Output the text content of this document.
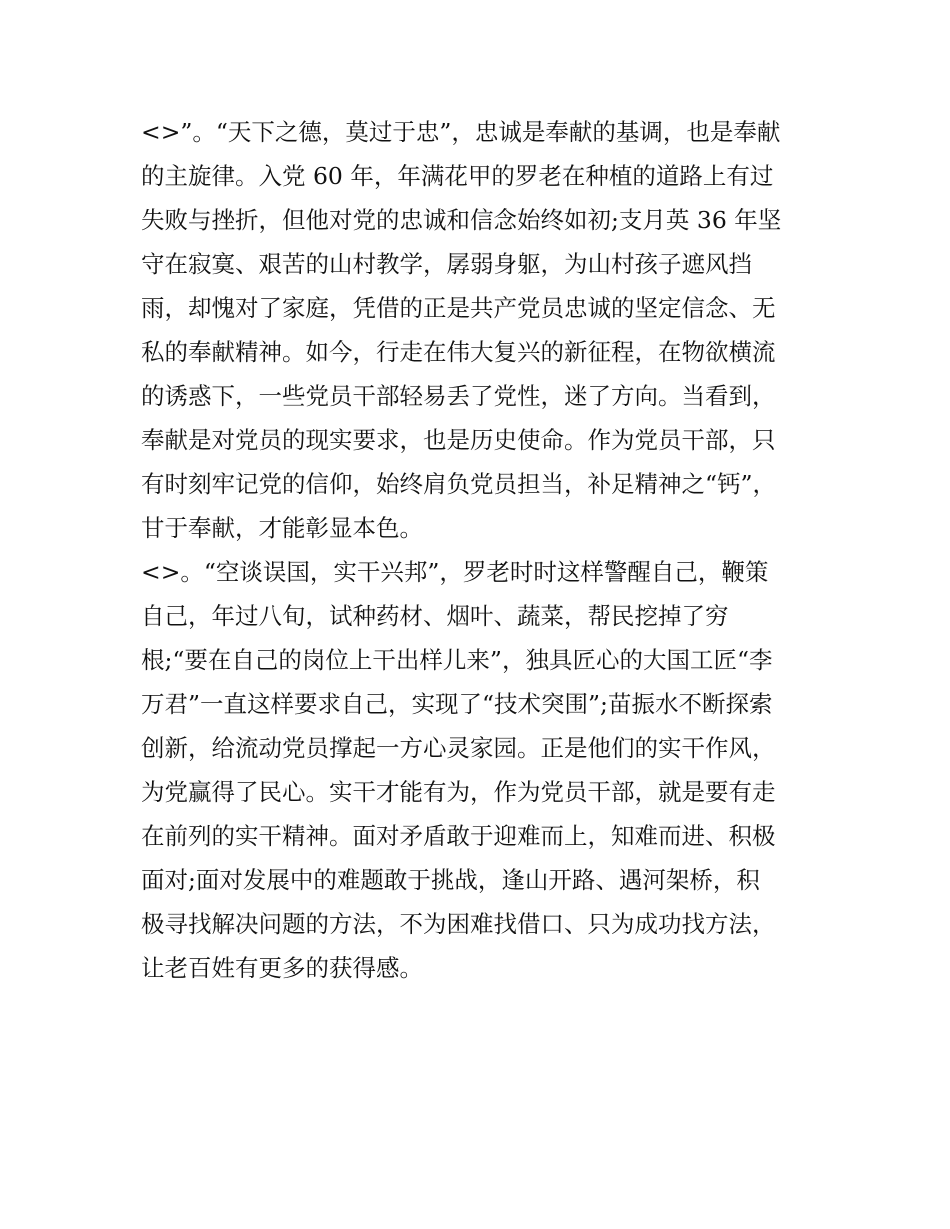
<>”。“天下之德，莫过于忠”，忠诚是奉献的基调，也是奉献
的主旋律。入党 60 年，年满花甲的罗老在种植的道路上有过
失败与挫折，但他对党的忠诚和信念始终如初;支月英 36 年坚
守在寂寞、艰苦的山村教学，孱弱身躯，为山村孩子遮风挡
雨，却愧对了家庭，凭借的正是共产党员忠诚的坚定信念、无
私的奉献精神。如今，行走在伟大复兴的新征程，在物欲横流
的诱惑下，一些党员干部轻易丢了党性，迷了方向。当看到，
奉献是对党员的现实要求，也是历史使命。作为党员干部，只
有时刻牢记党的信仰，始终肩负党员担当，补足精神之“钙”，
甘于奉献，才能彰显本色。
<>。“空谈误国，实干兴邦”，罗老时时这样警醒自己，鞭策
自己，年过八旬，试种药材、烟叶、蔬菜，帮民挖掉了穷
根;“要在自己的岗位上干出样儿来”，独具匠心的大国工匠“李
万君”一直这样要求自己，实现了“技术突围”;苗振水不断探索
创新，给流动党员撑起一方心灵家园。正是他们的实干作风，
为党赢得了民心。实干才能有为，作为党员干部，就是要有走
在前列的实干精神。面对矛盾敢于迎难而上，知难而进、积极
面对;面对发展中的难题敢于挑战，逢山开路、遇河架桥，积
极寻找解决问题的方法，不为困难找借口、只为成功找方法，
让老百姓有更多的获得感。
